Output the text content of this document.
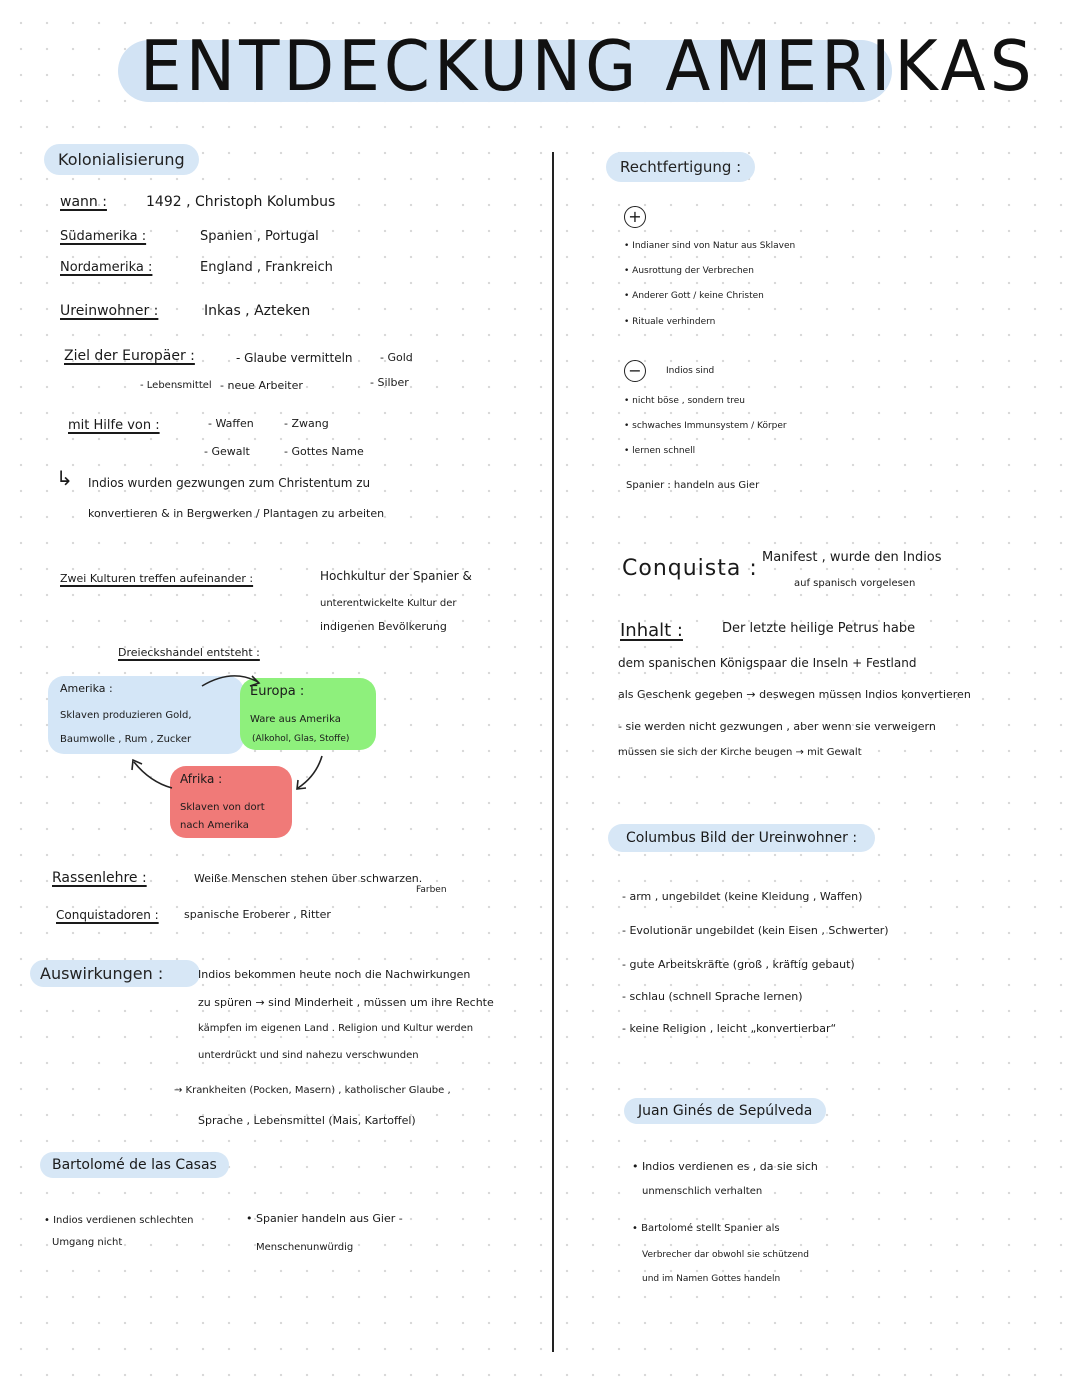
ENTDECKUNG AMERIKAS
Kolonialisierung
wann :	1492 , Christoph Kolumbus
Südamerika :	Spanien , Portugal
Nordamerika :	England , Frankreich
Ureinwohner :	Inkas , Azteken
Ziel der Europäer :	- Glaube vermitteln - Gold
- Lebensmittel - neue Arbeiter	- Silber
mit Hilfe von :	- Waffen	- Zwang
- Gewalt	- Gottes Name
↳ Indios wurden gezwungen zum Christentum zu
konvertieren & in Bergwerken / Plantagen zu arbeiten
Zwei Kulturen treffen aufeinander :	Hochkultur der Spanier &
unterentwickelte Kultur der
indigenen Bevölkerung
Dreieckshandel entsteht :
Amerika :
Sklaven produzieren Gold,
Baumwolle , Rum , Zucker
Europa :
Ware aus Amerika
(Alkohol, Glas, Stoffe)
Afrika :
Sklaven von dort
nach Amerika
Rassenlehre :	Weiße Menschen stehen über schwarzen.
Farben
Conquistadoren : spanische Eroberer , Ritter
Auswirkungen :	Indios bekommen heute noch die Nachwirkungen
zu spüren → sind Minderheit , müssen um ihre Rechte
kämpfen im eigenen Land . Religion und Kultur werden
unterdrückt und sind nahezu verschwunden
→ Krankheiten (Pocken, Masern) , katholischer Glaube ,
Sprache , Lebensmittel (Mais, Kartoffel)
Bartolomé de las Casas
• Indios verdienen schlechten
Umgang nicht
• Spanier handeln aus Gier -
Menschenunwürdig
Rechtfertigung :
+
• Indianer sind von Natur aus Sklaven
• Ausrottung der Verbrechen
• Anderer Gott / keine Christen
• Rituale verhindern
−	Indios sind
• nicht böse , sondern treu
• schwaches Immunsystem / Körper
• lernen schnell
Spanier : handeln aus Gier
Conquista : Manifest , wurde den Indios
auf spanisch vorgelesen
Inhalt :	Der letzte heilige Petrus habe
dem spanischen Königspaar die Inseln + Festland
als Geschenk gegeben → deswegen müssen Indios konvertieren
- sie werden nicht gezwungen , aber wenn sie verweigern
müssen sie sich der Kirche beugen → mit Gewalt
Columbus Bild der Ureinwohner :
- arm , ungebildet (keine Kleidung , Waffen)
- Evolutionär ungebildet (kein Eisen , Schwerter)
- gute Arbeitskräfte (groß , kräftig gebaut)
- schlau (schnell Sprache lernen)
- keine Religion , leicht „konvertierbar“
Juan Ginés de Sepúlveda
• Indios verdienen es , da sie sich
unmenschlich verhalten
• Bartolomé stellt Spanier als
Verbrecher dar obwohl sie schützend
und im Namen Gottes handeln
